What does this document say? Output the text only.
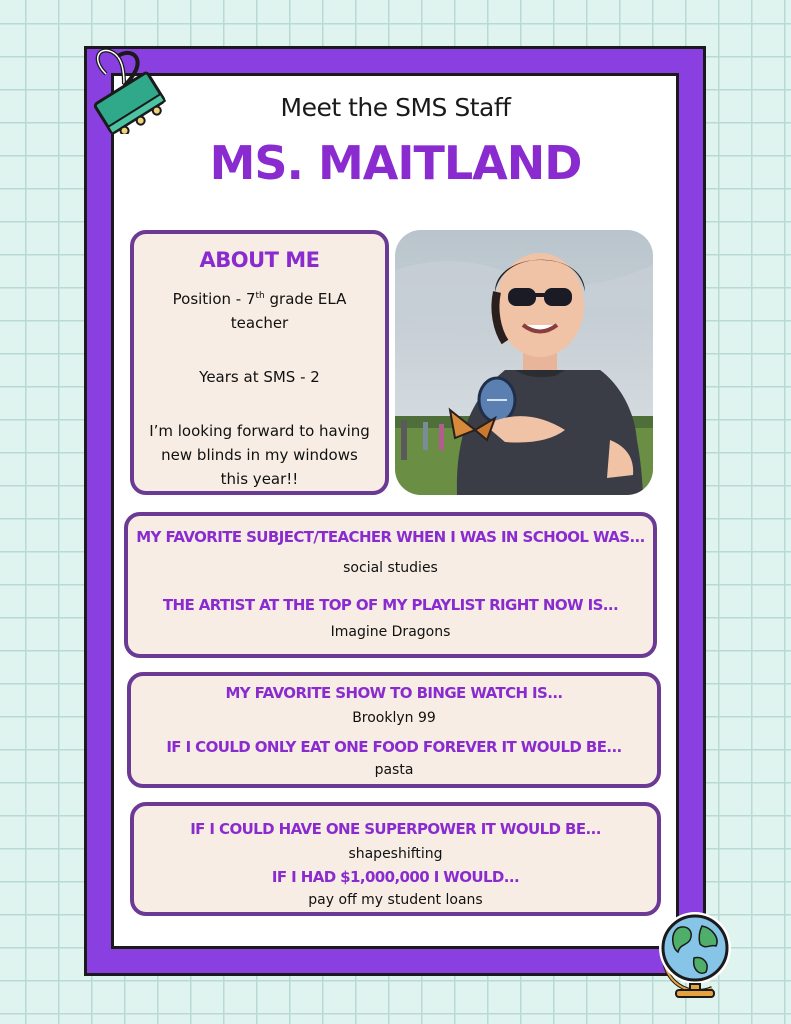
Meet the SMS Staff
MS. MAITLAND
ABOUT ME

Position - 7th grade ELA

teacher

Years at SMS - 2

I’m looking forward to having

new blinds in my windows

this year!!

MY FAVORITE SUBJECT/TEACHER WHEN I WAS IN SCHOOL WAS...
social studies
THE ARTIST AT THE TOP OF MY PLAYLIST RIGHT NOW IS...
Imagine Dragons
MY FAVORITE SHOW TO BINGE WATCH IS...
Brooklyn 99
IF I COULD ONLY EAT ONE FOOD FOREVER IT WOULD BE...
pasta
IF I COULD HAVE ONE SUPERPOWER IT WOULD BE...
shapeshifting
IF I HAD $1,000,000 I WOULD...
pay off my student loans
